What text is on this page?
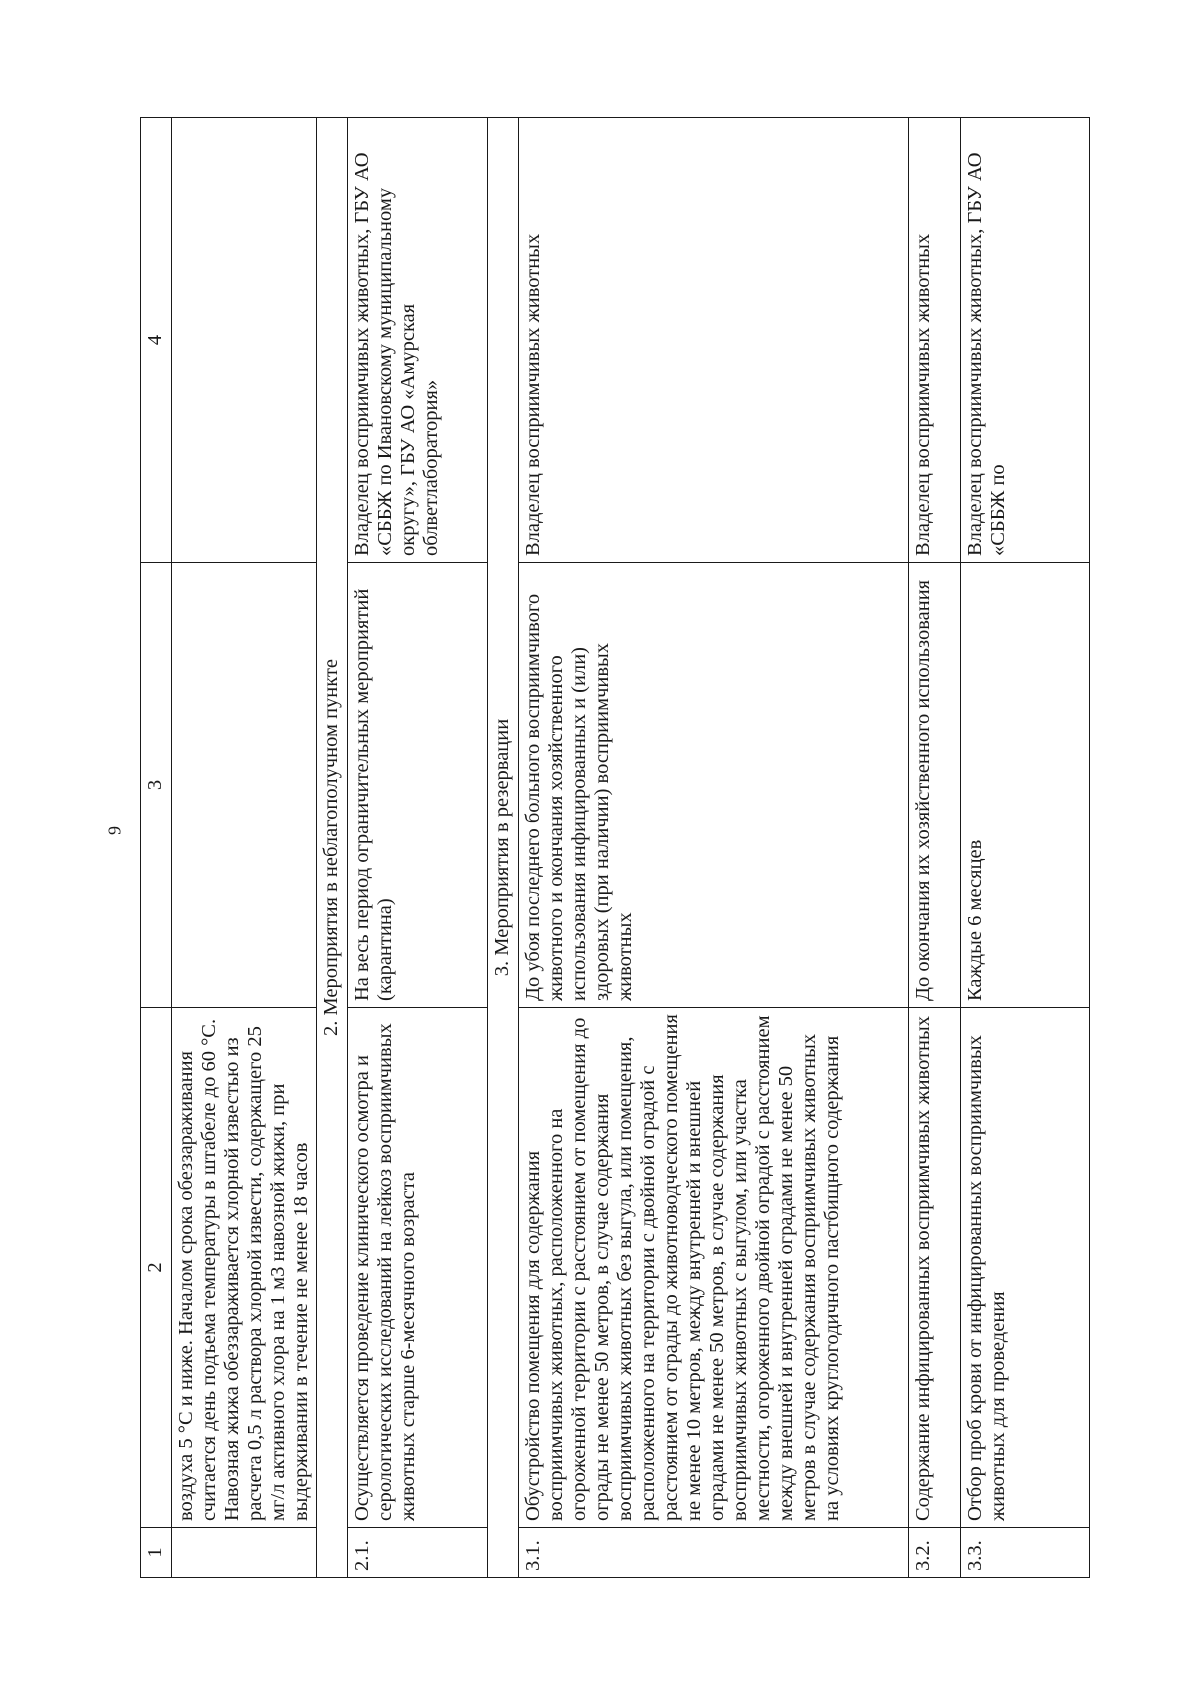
9
1	2	3	4
	воздуха 5 °С и ниже. Началом срока обеззараживания считается день подъема температуры в штабеле до 60 °С. Навозная жижа обеззараживается хлорной известью из расчета 0,5 л раствора хлорной извести, содержащего 25 мг/л активного хлора на 1 м3 навозной жижи, при выдерживании в течение не менее 18 часов		
2. Мероприятия в неблагополучном пункте			
2.1.	Осуществляется проведение клинического осмотра и серологических исследований на лейкоз восприимчивых животных старше 6-месячного возраста	На весь период ограничительных мероприятий (карантина)	Владелец восприимчивых животных, ГБУ АО «СББЖ по Ивановскому муниципальному округу», ГБУ АО «Амурская облветлаборатория»
3. Мероприятия в резервации			
3.1.	Обустройство помещения для содержания восприимчивых животных, расположенного на огороженной территории с расстоянием от помещения до ограды не менее 50 метров, в случае содержания восприимчивых животных без выгула, или помещения, расположенного на территории с двойной оградой с расстоянием от ограды до животноводческого помещения не менее 10 метров, между внутренней и внешней оградами не менее 50 метров, в случае содержания восприимчивых животных с выгулом, или участка местности, огороженного двойной оградой с расстоянием между внешней и внутренней оградами не менее 50 метров в случае содержания восприимчивых животных на условиях круглогодичного пастбищного содержания	До убоя последнего больного восприимчивого животного и окончания хозяйственного использования инфицированных и (или) здоровых (при наличии) восприимчивых животных	Владелец восприимчивых животных
3.2.	Содержание инфицированных восприимчивых животных	До окончания их хозяйственного использования	Владелец восприимчивых животных
3.3.	Отбор проб крови от инфицированных восприимчивых животных для проведения	Каждые 6 месяцев	Владелец восприимчивых животных, ГБУ АО «СББЖ по
